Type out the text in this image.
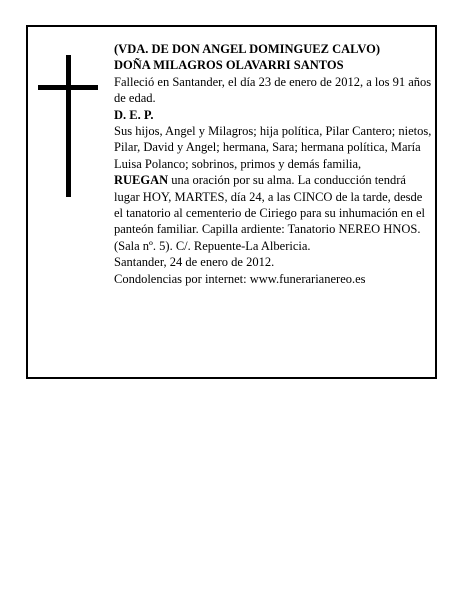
(VDA. DE DON ANGEL DOMINGUEZ CALVO)

DOÑA MILAGROS OLAVARRI SANTOS

Falleció en Santander, el día 23 de enero de 2012, a los 91 años de edad.

D. E. P.

Sus hijos, Angel y Milagros; hija política, Pilar Cantero; nietos, Pilar, David y Angel; hermana, Sara; hermana política, María Luisa Polanco; sobrinos, primos y demás familia,

RUEGAN una oración por su alma. La conducción tendrá lugar HOY, MARTES, día 24, a las CINCO de la tarde, desde el tanatorio al cementerio de Ciriego para su inhumación en el panteón familiar. Capilla ardiente: Tanatorio NEREO HNOS. (Sala nº. 5). C/. Repuente-La Albericia.

Santander, 24 de enero de 2012.

Condolencias por internet: www.funerarianereo.es
